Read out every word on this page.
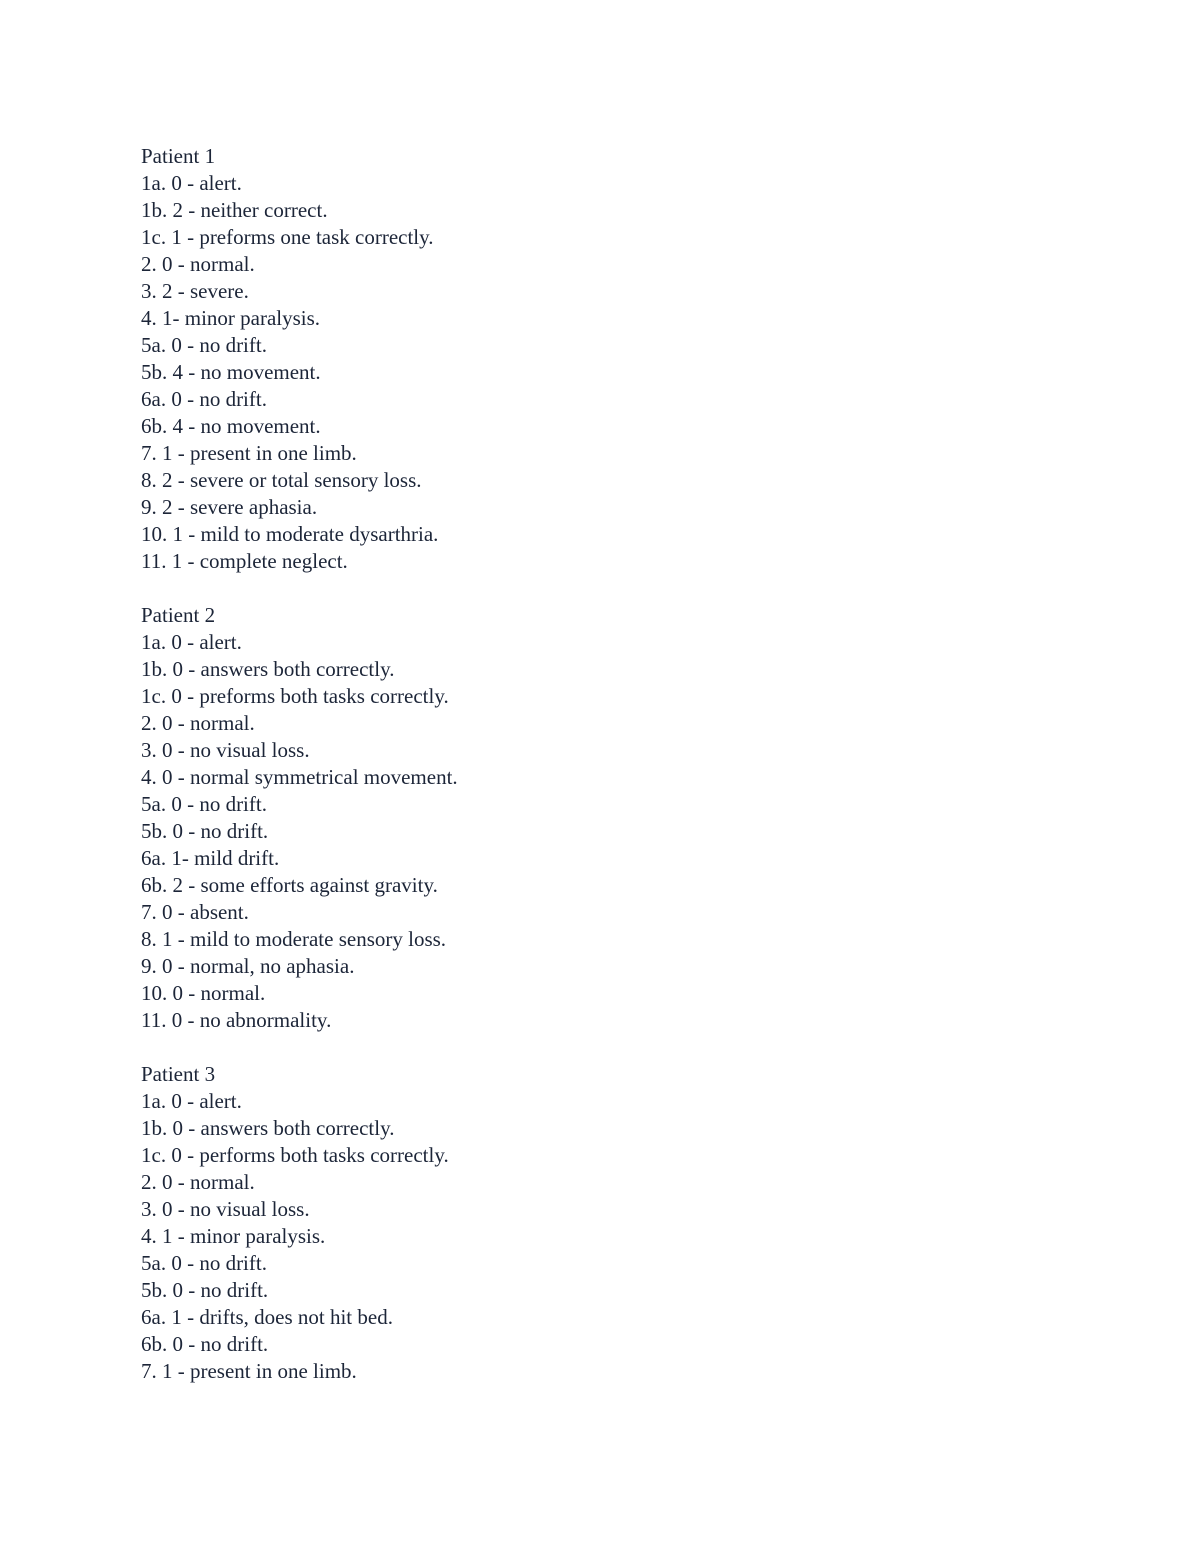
Patient 1
1a. 0 - alert.
1b. 2 - neither correct.
1c. 1 - preforms one task correctly.
2. 0 - normal.
3. 2 - severe.
4. 1- minor paralysis.
5a. 0 - no drift.
5b. 4 - no movement.
6a. 0 - no drift.
6b. 4 - no movement.
7. 1 - present in one limb.
8. 2 - severe or total sensory loss.
9. 2 - severe aphasia.
10. 1 - mild to moderate dysarthria.
11. 1 - complete neglect.
Patient 2
1a. 0 - alert.
1b. 0 - answers both correctly.
1c. 0 - preforms both tasks correctly.
2. 0 - normal.
3. 0 - no visual loss.
4. 0 - normal symmetrical movement.
5a. 0 - no drift.
5b. 0 - no drift.
6a. 1- mild drift.
6b. 2 - some efforts against gravity.
7. 0 - absent.
8. 1 - mild to moderate sensory loss.
9. 0 - normal, no aphasia.
10. 0 - normal.
11. 0 - no abnormality.
Patient 3
1a. 0 - alert.
1b. 0 - answers both correctly.
1c. 0 - performs both tasks correctly.
2. 0 - normal.
3. 0 - no visual loss.
4. 1 - minor paralysis.
5a. 0 - no drift.
5b. 0 - no drift.
6a. 1 - drifts, does not hit bed.
6b. 0 - no drift.
7. 1 - present in one limb.
